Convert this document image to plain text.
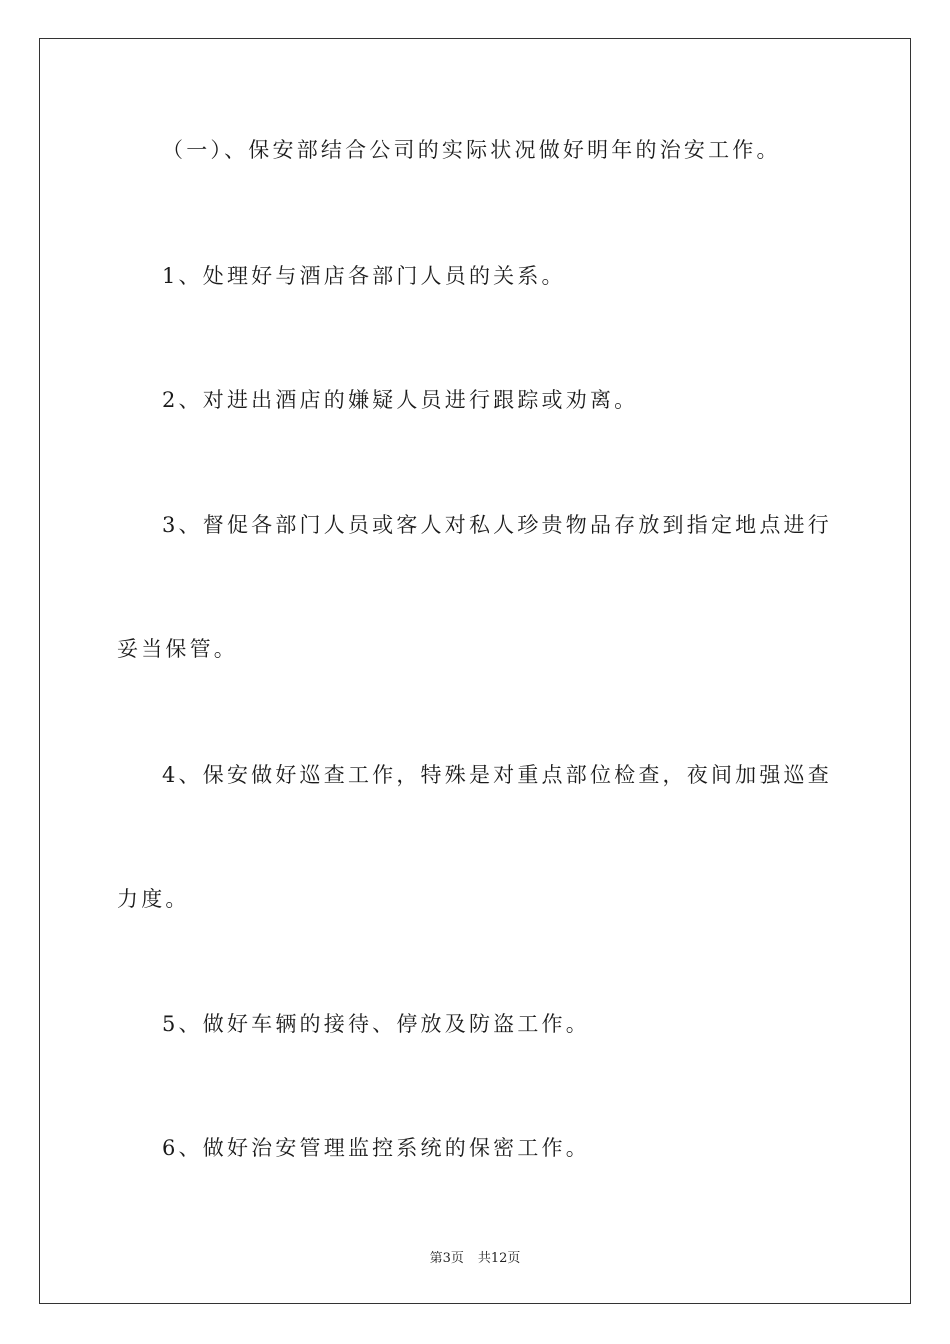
（一）、保安部结合公司的实际状况做好明年的治安工作。
1、处理好与酒店各部门人员的关系。
2、对进出酒店的嫌疑人员进行跟踪或劝离。
3、督促各部门人员或客人对私人珍贵物品存放到指定地点进行
妥当保管。
4、保安做好巡查工作，特殊是对重点部位检查，夜间加强巡查
力度。
5、做好车辆的接待、停放及防盗工作。
6、做好治安管理监控系统的保密工作。
第3页 共12页
